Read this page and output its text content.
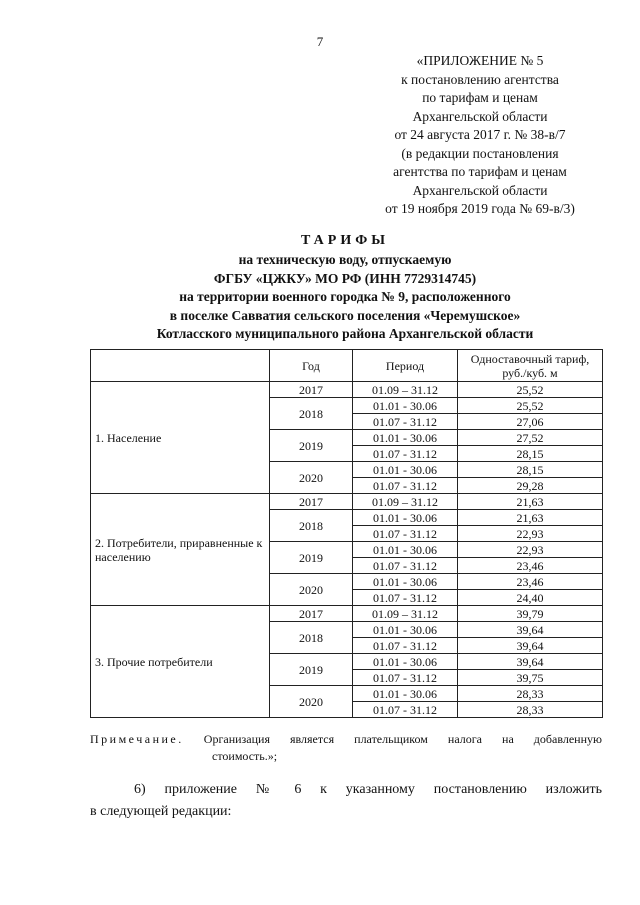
7
«ПРИЛОЖЕНИЕ № 5
к постановлению агентства
по тарифам и ценам
Архангельской области
от 24 августа 2017 г. № 38-в/7
(в редакции постановления
агентства по тарифам и ценам
Архангельской области
от 19 ноября 2019 года № 69-в/3)
ТАРИФЫ
на техническую воду, отпускаемую
ФГБУ «ЦЖКУ» МО РФ (ИНН 7729314745)
на территории военного городка № 9, расположенного
в поселке Савватия сельского поселения «Черемушское»
Котласского муниципального района Архангельской области
	Год	Период	Одноставочный тариф, руб./куб. м
1. Население	2017	01.09 – 31.12	25,52
	2018	01.01 - 30.06	25,52
		01.07 - 31.12	27,06
	2019	01.01 - 30.06	27,52
		01.07 - 31.12	28,15
	2020	01.01 - 30.06	28,15
		01.07 - 31.12	29,28
2. Потребители, приравненные к населению	2017	01.09 – 31.12	21,63
	2018	01.01 - 30.06	21,63
		01.07 - 31.12	22,93
	2019	01.01 - 30.06	22,93
		01.07 - 31.12	23,46
	2020	01.01 - 30.06	23,46
		01.07 - 31.12	24,40
3. Прочие потребители	2017	01.09 – 31.12	39,79
	2018	01.01 - 30.06	39,64
		01.07 - 31.12	39,64
	2019	01.01 - 30.06	39,64
		01.07 - 31.12	39,75
	2020	01.01 - 30.06	28,33
		01.07 - 31.12	28,33
Примечание. Организация является плательщиком налога на добавленную
стоимость.»;
6) приложение № 6 к указанному постановлению изложить
в следующей редакции:
